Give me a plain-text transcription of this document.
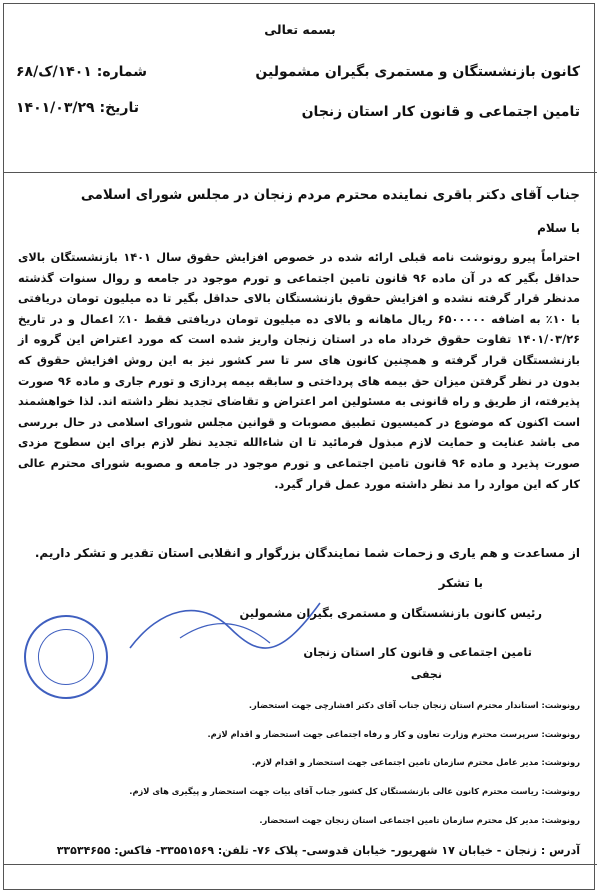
بسمه تعالی
کانون بازنشستگان و مستمری بگیران مشمولین
تامین اجتماعی و قانون کار استان زنجان
شماره: ۱۴۰۱/ک/۶۸
تاریخ: ۱۴۰۱/۰۳/۲۹
جناب آقای دکتر باقری نماینده محترم مردم زنجان در مجلس شورای اسلامی
با سلام
احتراماً پیرو رونوشت نامه قبلی ارائه شده در خصوص افزایش حقوق سال ۱۴۰۱ بازنشستگان بالای حداقل بگیر که در آن ماده ۹۶ قانون تامین اجتماعی و تورم موجود در جامعه و روال سنوات گذشته مدنظر قرار گرفته نشده و افزایش حقوق بازنشستگان بالای حداقل بگیر تا ده میلیون تومان دریافتی با ۱۰٪ به اضافه ۶۵۰۰۰۰۰ ریال ماهانه و بالای ده میلیون تومان دریافتی فقط ۱۰٪ اعمال و در تاریخ ۱۴۰۱/۰۳/۲۶ تفاوت حقوق خرداد ماه در استان زنجان واریز شده است که مورد اعتراض این گروه از بازنشستگان قرار گرفته و همچنین کانون های سر تا سر کشور نیز به این روش افزایش حقوق که بدون در نظر گرفتن میزان حق بیمه های پرداختی و سابقه بیمه پردازی و تورم جاری و ماده ۹۶ صورت پذیرفته، از طریق و راه قانونی به مسئولین امر اعتراض و تقاضای تجدید نظر داشته اند. لذا خواهشمند است اکنون که موضوع در کمیسیون تطبیق مصوبات و قوانین مجلس شورای اسلامی در حال بررسی می باشد عنایت و حمایت لازم مبذول فرمائید تا ان شاءالله تجدید نظر لازم برای این سطوح مزدی صورت پذیرد و ماده ۹۶ قانون تامین اجتماعی و تورم موجود در جامعه و مصوبه شورای محترم عالی کار که این موارد را مد نظر داشته مورد عمل قرار گیرد.
از مساعدت و هم یاری و زحمات شما نمایندگان بزرگوار و انقلابی استان تقدیر و تشکر داریم.
با تشکر
رئیس کانون بازنشستگان و مستمری بگیران مشمولین
تامین اجتماعی و قانون کار استان زنجان
نجفی
رونوشت: استاندار محترم استان زنجان جناب آقای دکتر افشارچی جهت استحضار.
رونوشت: سرپرست محترم وزارت تعاون و کار و رفاه اجتماعی جهت استحضار و اقدام لازم.
رونوشت: مدیر عامل محترم سازمان تامین اجتماعی جهت استحضار و اقدام لازم.
رونوشت: ریاست محترم کانون عالی بازنشستگان کل کشور جناب آقای بیات جهت استحضار و پیگیری های لازم.
رونوشت: مدیر کل محترم سازمان تامین اجتماعی استان زنجان جهت استحضار.
آدرس : زنجان - خیابان ۱۷ شهریور- خیابان قدوسی- پلاک ۷۶- تلفن: ۳۳۵۵۱۵۶۹- فاکس: ۳۳۵۳۴۶۵۵
